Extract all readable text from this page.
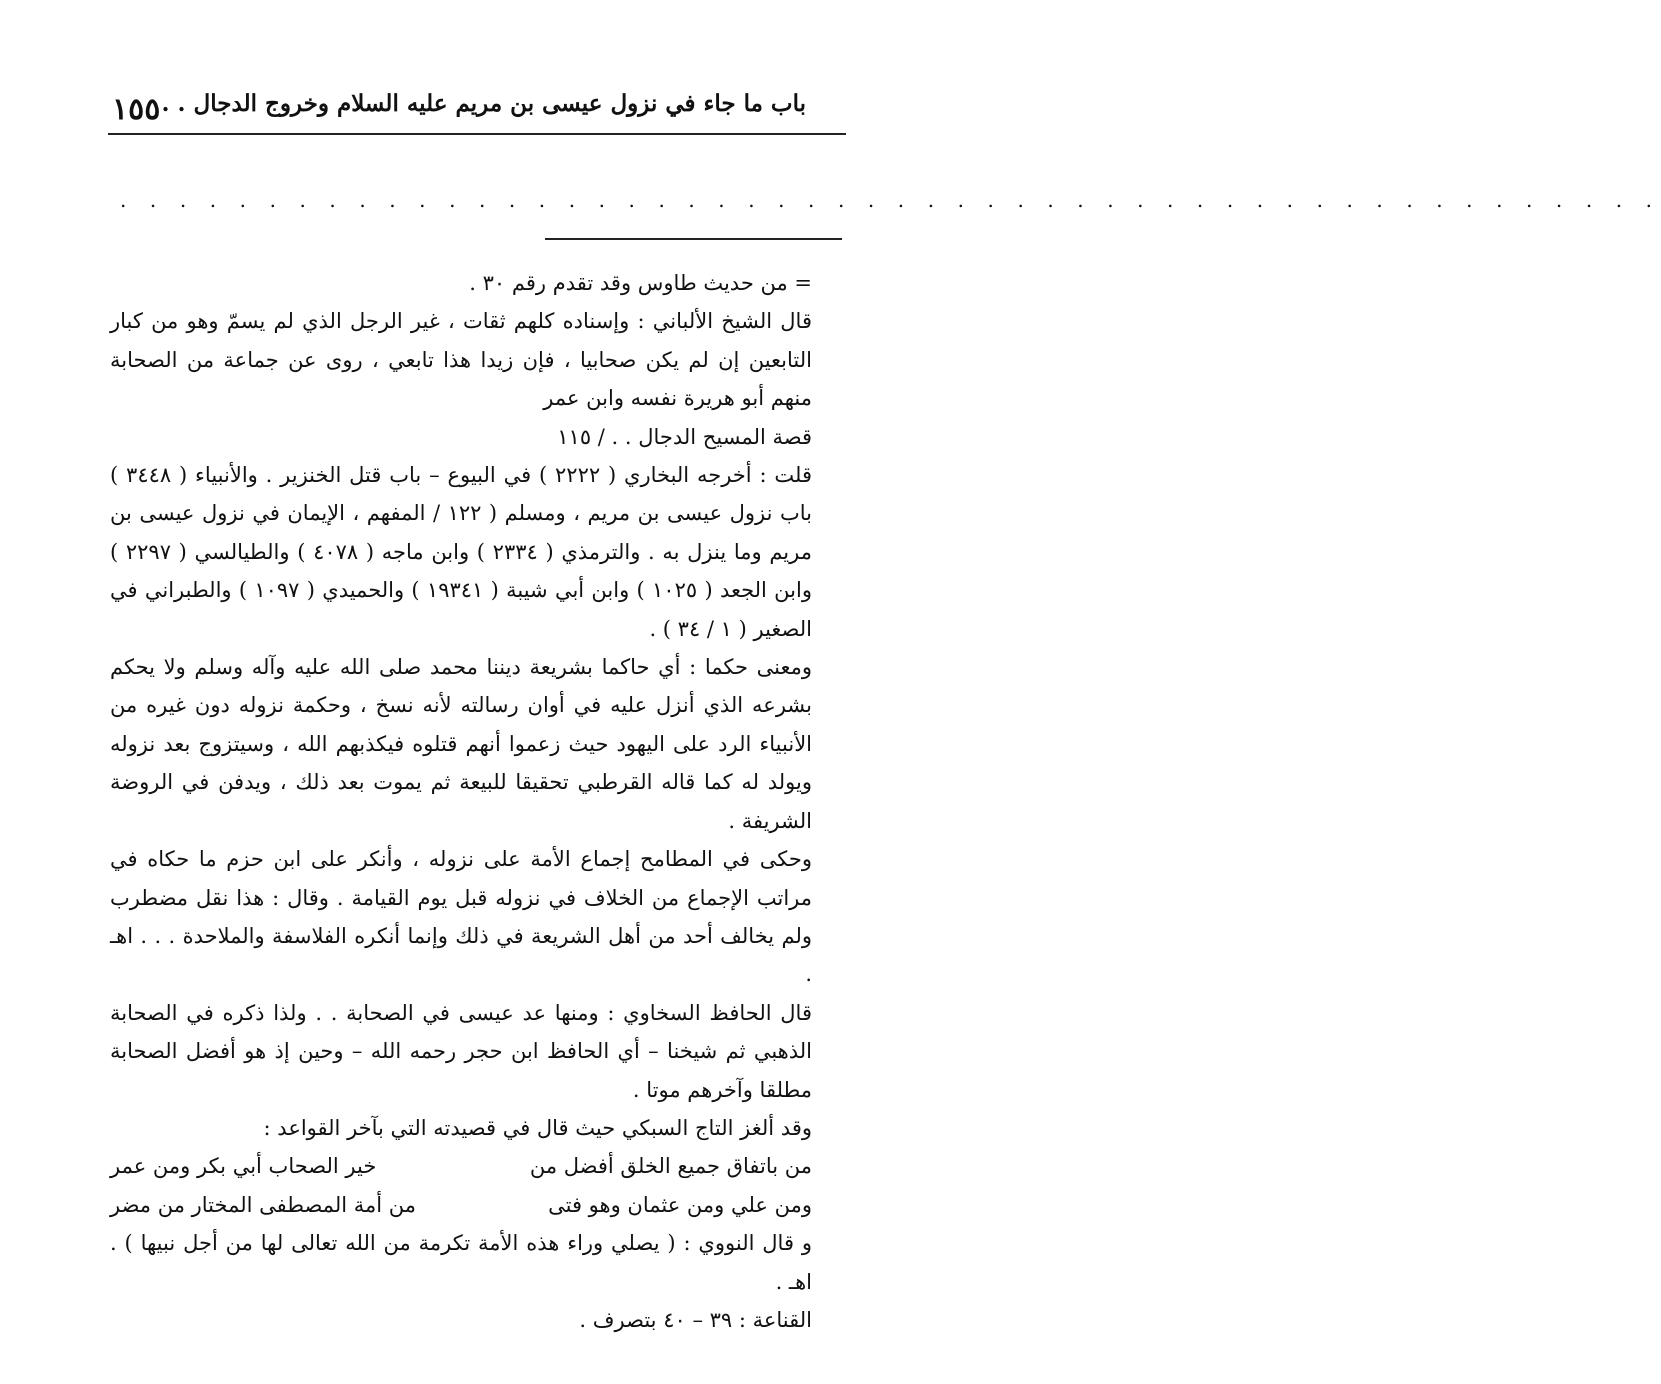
١٥٥ باب ما جاء في نزول عيسى بن مريم عليه السلام وخروج الدجال . .
. . . . . . . . . . . . . . . . . . . . . . . . . . . . . . . . . . . . . . . . . . . . . . . . . . . .

= من حديث طاوس وقد تقدم رقم ٣٠ .

قال الشيخ الألباني : وإسناده كلهم ثقات ، غير الرجل الذي لم يسمّ وهو من كبار التابعين إن لم يكن صحابيا ، فإن زيدا هذا تابعي ، روى عن جماعة من الصحابة منهم أبو هريرة نفسه وابن عمر

قصة المسيح الدجال . . / ١١٥

قلت : أخرجه البخاري ( ٢٢٢٢ ) في البيوع – باب قتل الخنزير . والأنبياء ( ٣٤٤٨ ) باب نزول عيسى بن مريم ، ومسلم ( ١٢٢ / المفهم ، الإيمان في نزول عيسى بن مريم وما ينزل به . والترمذي ( ٢٣٣٤ ) وابن ماجه ( ٤٠٧٨ ) والطيالسي ( ٢٢٩٧ ) وابن الجعد ( ١٠٢٥ ) وابن أبي شيبة ( ١٩٣٤١ ) والحميدي ( ١٠٩٧ ) والطبراني في الصغير ( ١ / ٣٤ ) .

ومعنى حكما : أي حاكما بشريعة ديننا محمد صلى الله عليه وآله وسلم ولا يحكم بشرعه الذي أنزل عليه في أوان رسالته لأنه نسخ ، وحكمة نزوله دون غيره من الأنبياء الرد على اليهود حيث زعموا أنهم قتلوه فيكذبهم الله ، وسيتزوج بعد نزوله ويولد له كما قاله القرطبي تحقيقا للبيعة ثم يموت بعد ذلك ، ويدفن في الروضة الشريفة .

وحكى في المطامح إجماع الأمة على نزوله ، وأنكر على ابن حزم ما حكاه في مراتب الإجماع من الخلاف في نزوله قبل يوم القيامة . وقال : هذا نقل مضطرب ولم يخالف أحد من أهل الشريعة في ذلك وإنما أنكره الفلاسفة والملاحدة . . . اهـ .

قال الحافظ السخاوي : ومنها عد عيسى في الصحابة . . ولذا ذكره في الصحابة الذهبي ثم شيخنا – أي الحافظ ابن حجر رحمه الله – وحين إذ هو أفضل الصحابة مطلقا وآخرهم موتا .

وقد ألغز التاج السبكي حيث قال في قصيدته التي بآخر القواعد :

من باتفاق جميع الخلق أفضل من
خير الصحاب أبي بكر ومن عمر
ومن علي ومن عثمان وهو فتى
من أمة المصطفى المختار من مضر

و قال النووي : ( يصلي وراء هذه الأمة تكرمة من الله تعالى لها من أجل نبيها ) . اهـ .

القناعة : ٣٩ – ٤٠ بتصرف .
